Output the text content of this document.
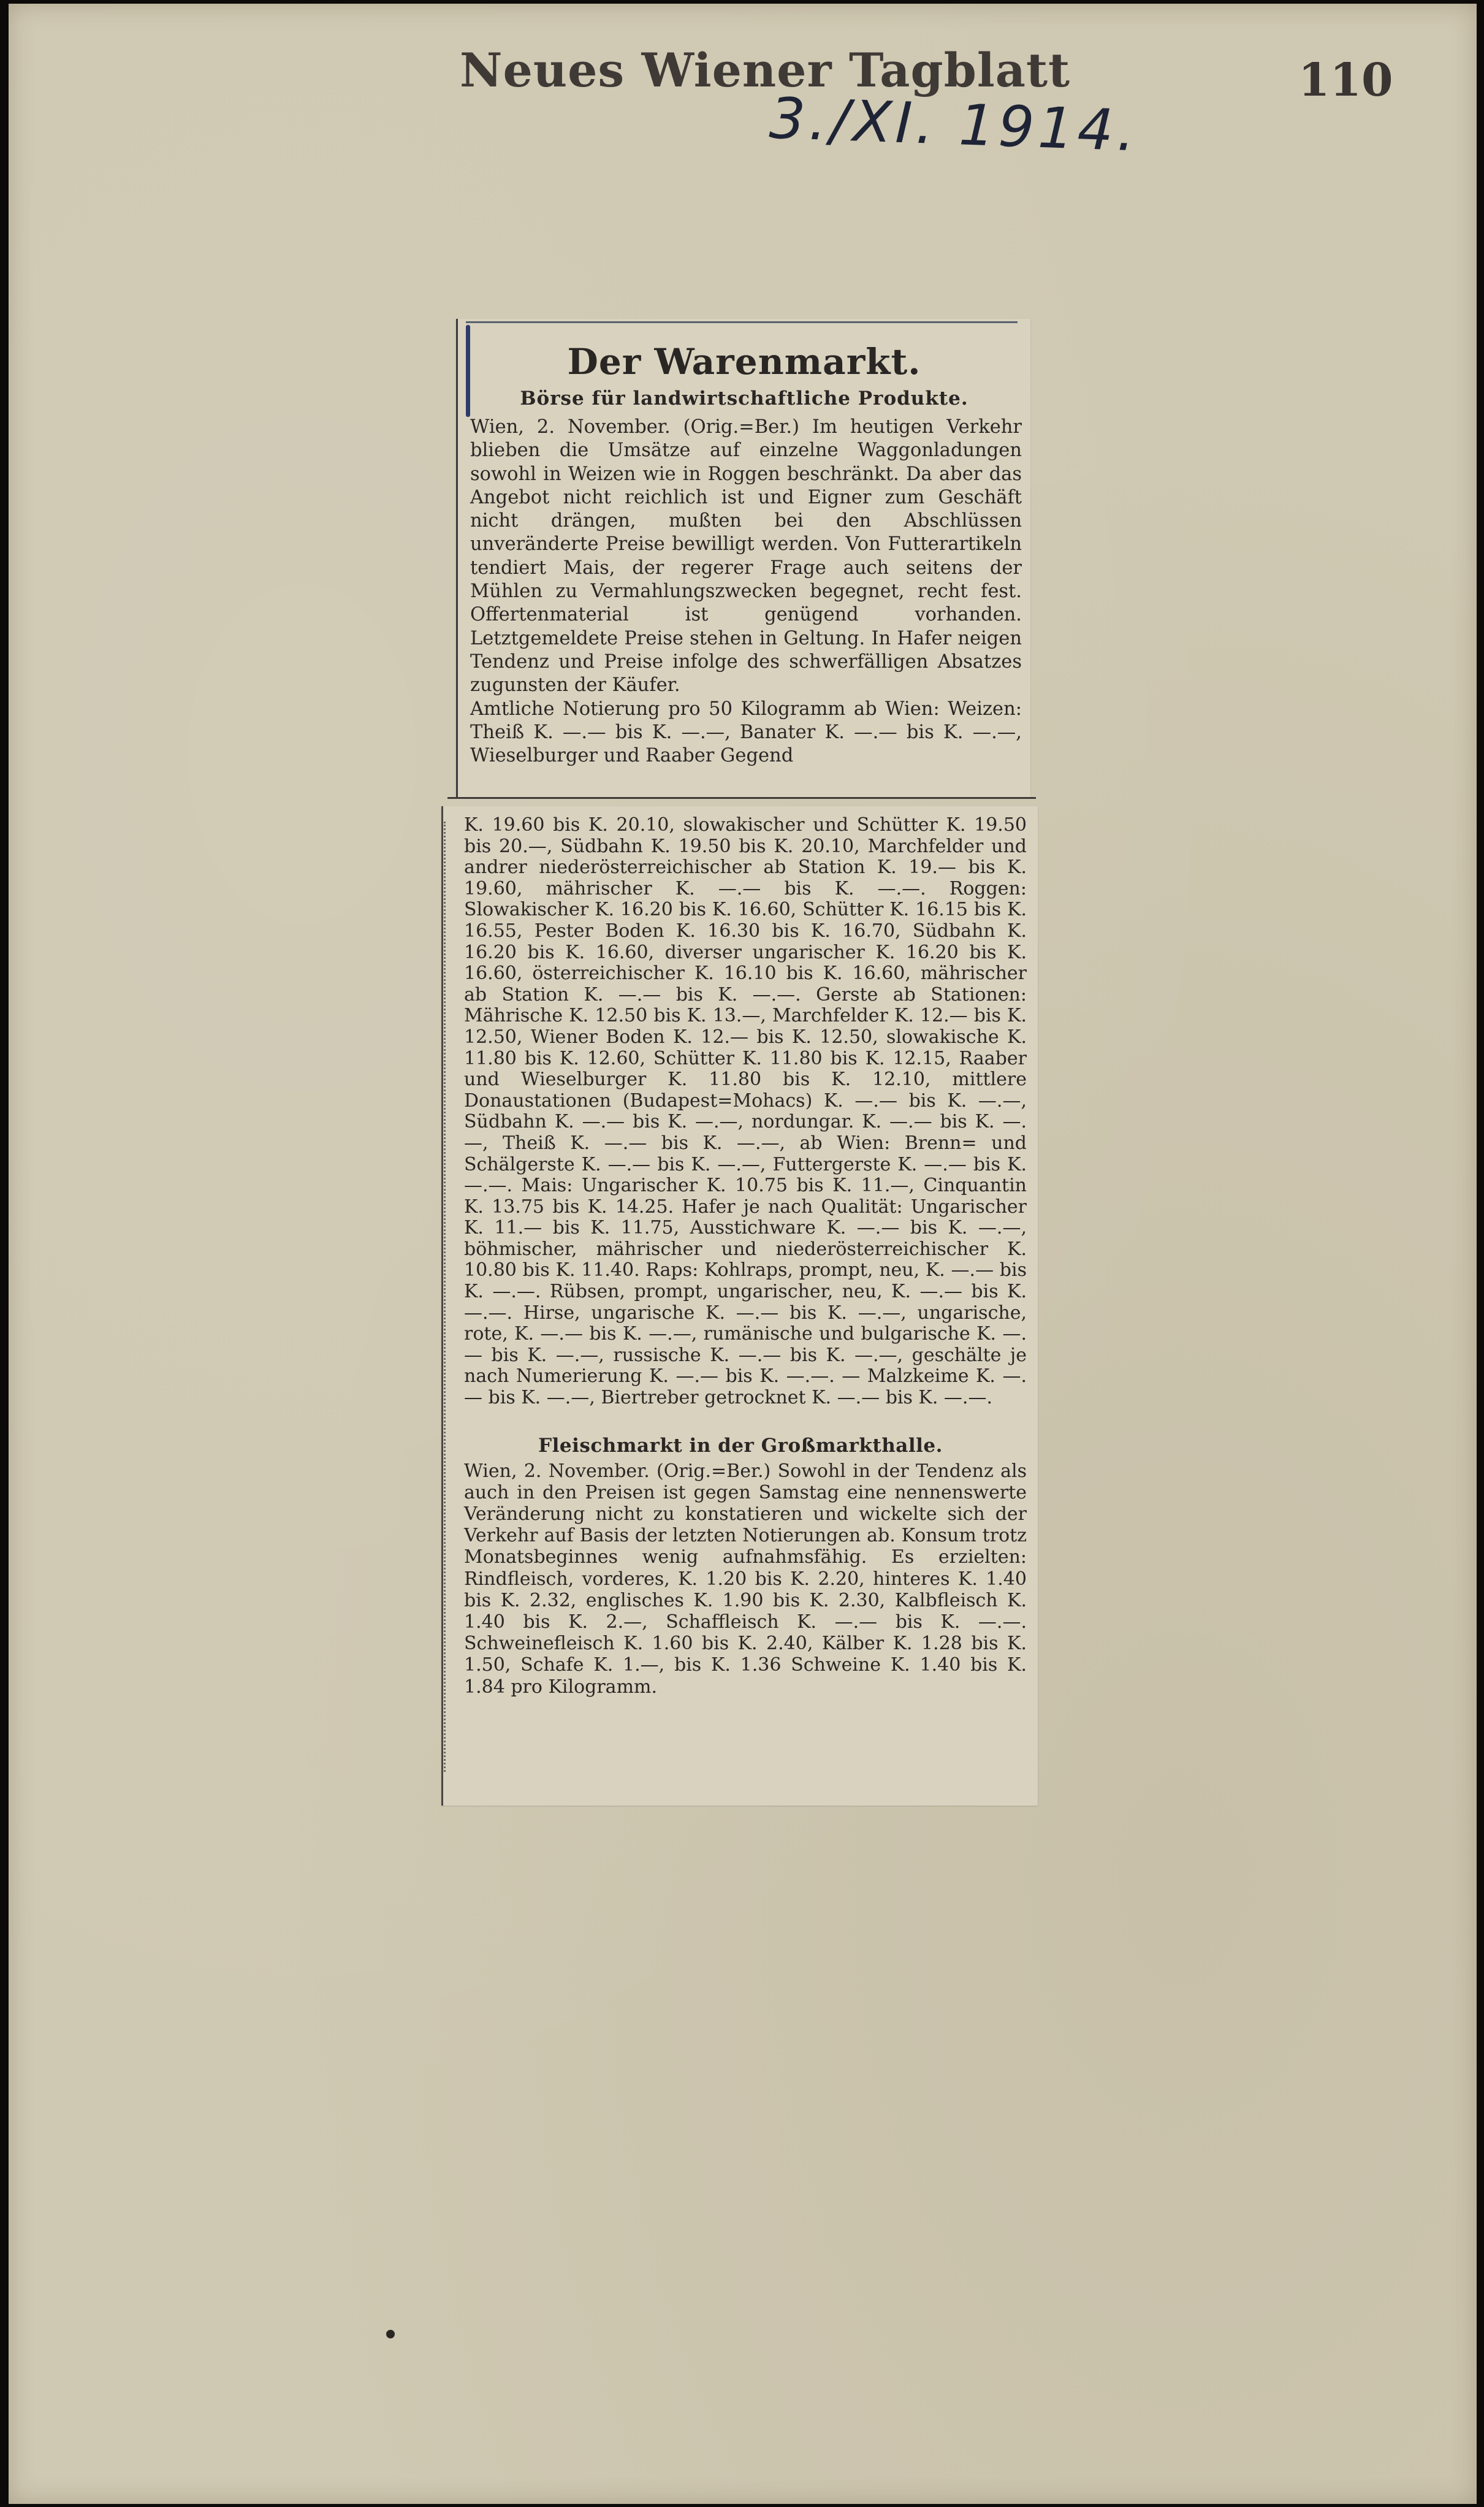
Neues Wiener Tagblatt	110
3./XI. 1914.
Der Warenmarkt.
Börse für landwirtschaftliche Produkte.
Wien, 2. November. (Orig.=Ber.) Im heutigen Verkehr blieben die Umsätze auf einzelne Waggonladungen sowohl in Weizen wie in Roggen beschränkt. Da aber das Angebot nicht reichlich ist und Eigner zum Geschäft nicht drängen, mußten bei den Abschlüssen unveränderte Preise bewilligt werden. Von Futterartikeln tendiert Mais, der regerer Frage auch seitens der Mühlen zu Vermahlungszwecken begegnet, recht fest. Offertenmaterial ist genügend vorhanden. Letztgemeldete Preise stehen in Geltung. In Hafer neigen Tendenz und Preise infolge des schwerfälligen Absatzes zugunsten der Käufer.
Amtliche Notierung pro 50 Kilogramm ab Wien: Weizen: Theiß K. —.— bis K. —.—, Banater K. —.— bis K. —.—, Wieselburger und Raaber Gegend
K. 19.60 bis K. 20.10, slowakischer und Schütter K. 19.50 bis 20.—, Südbahn K. 19.50 bis K. 20.10, Marchfelder und andrer niederösterreichischer ab Station K. 19.— bis K. 19.60, mährischer K. —.— bis K. —.—. Roggen: Slowakischer K. 16.20 bis K. 16.60, Schütter K. 16.15 bis K. 16.55, Pester Boden K. 16.30 bis K. 16.70, Südbahn K. 16.20 bis K. 16.60, diverser ungarischer K. 16.20 bis K. 16.60, österreichischer K. 16.10 bis K. 16.60, mährischer ab Station K. —.— bis K. —.—. Gerste ab Stationen: Mährische K. 12.50 bis K. 13.—, Marchfelder K. 12.— bis K. 12.50, Wiener Boden K. 12.— bis K. 12.50, slowakische K. 11.80 bis K. 12.60, Schütter K. 11.80 bis K. 12.15, Raaber und Wieselburger K. 11.80 bis K. 12.10, mittlere Donaustationen (Budapest=Mohacs) K. —.— bis K. —.—, Südbahn K. —.— bis K. —.—, nordungar. K. —.— bis K. —.—, Theiß K. —.— bis K. —.—, ab Wien: Brenn= und Schälgerste K. —.— bis K. —.—, Futtergerste K. —.— bis K. —.—. Mais: Ungarischer K. 10.75 bis K. 11.—, Cinquantin K. 13.75 bis K. 14.25. Hafer je nach Qualität: Ungarischer K. 11.— bis K. 11.75, Ausstichware K. —.— bis K. —.—, böhmischer, mährischer und niederösterreichischer K. 10.80 bis K. 11.40. Raps: Kohlraps, prompt, neu, K. —.— bis K. —.—. Rübsen, prompt, ungarischer, neu, K. —.— bis K. —.—. Hirse, ungarische K. —.— bis K. —.—, ungarische, rote, K. —.— bis K. —.—, rumänische und bulgarische K. —.— bis K. —.—, russische K. —.— bis K. —.—, geschälte je nach Numerierung K. —.— bis K. —.—. — Malzkeime K. —.— bis K. —.—, Biertreber getrocknet K. —.— bis K. —.—.
Fleischmarkt in der Großmarkthalle.
Wien, 2. November. (Orig.=Ber.) Sowohl in der Tendenz als auch in den Preisen ist gegen Samstag eine nennenswerte Veränderung nicht zu konstatieren und wickelte sich der Verkehr auf Basis der letzten Notierungen ab. Konsum trotz Monatsbeginnes wenig aufnahmsfähig. Es erzielten: Rindfleisch, vorderes, K. 1.20 bis K. 2.20, hinteres K. 1.40 bis K. 2.32, englisches K. 1.90 bis K. 2.30, Kalbfleisch K. 1.40 bis K. 2.—, Schaffleisch K. —.— bis K. —.—. Schweinefleisch K. 1.60 bis K. 2.40, Kälber K. 1.28 bis K. 1.50, Schafe K. 1.—, bis K. 1.36 Schweine K. 1.40 bis K. 1.84 pro Kilogramm.
